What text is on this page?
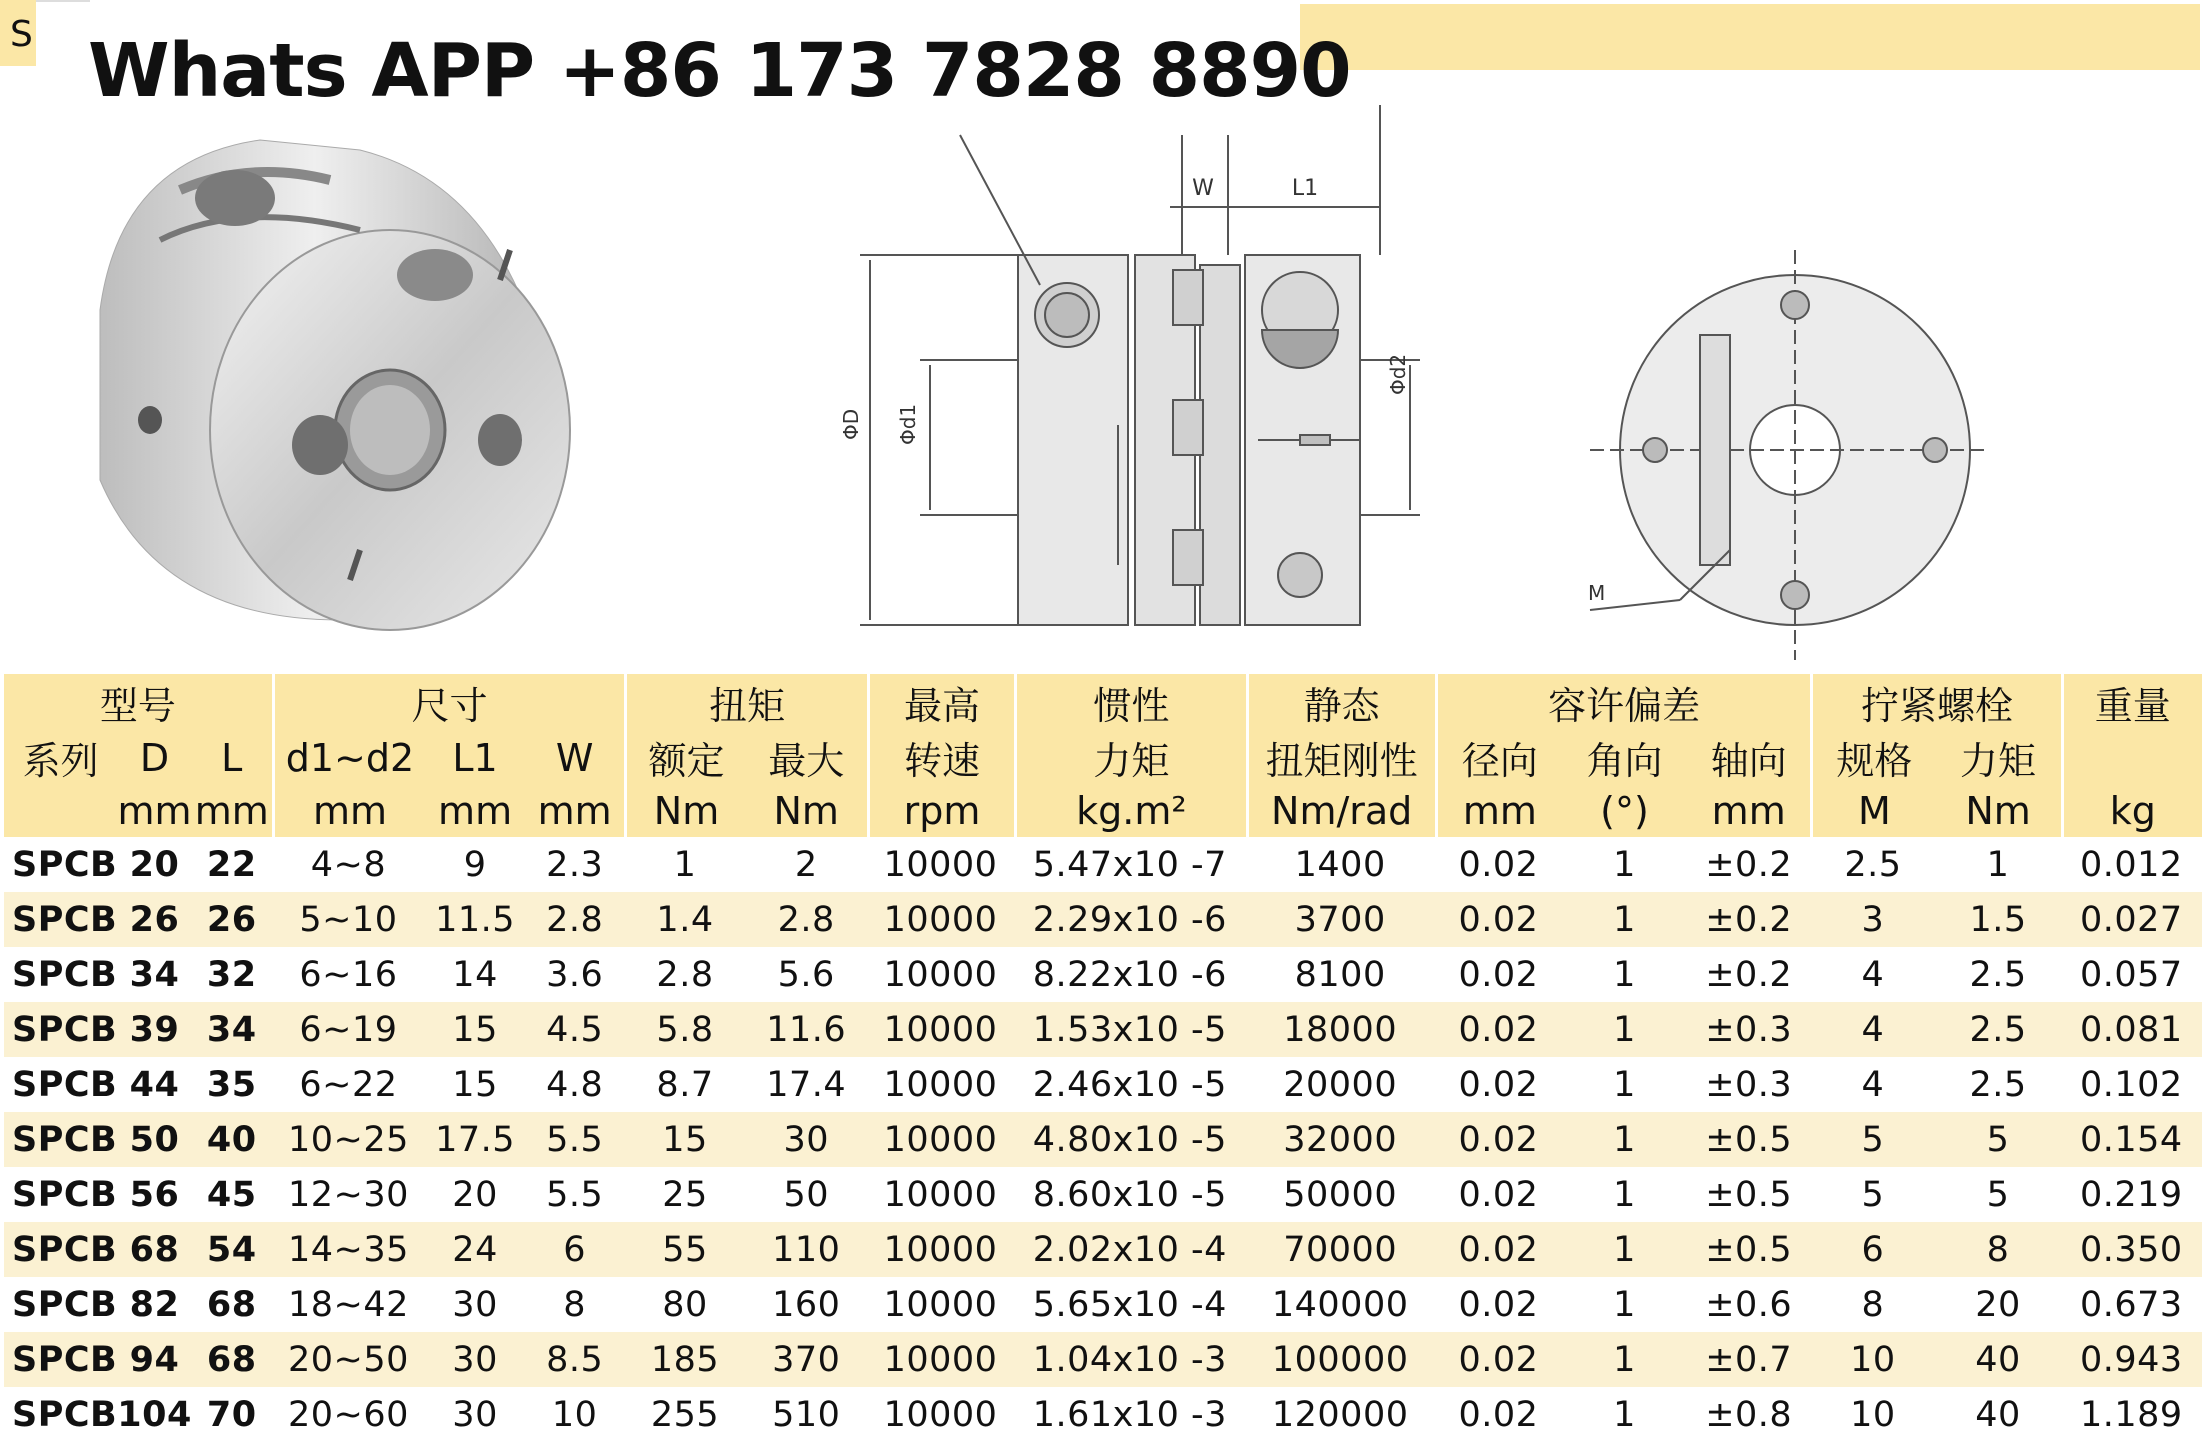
S Whats APP +86 173 7828 8890
W	L1
ΦD Φd1
Φd2
M
型号			尺寸			扭矩		最高	惯性	静态	容许偏差			拧紧螺栓		重量
系列	D	L	d1~d2	L1	W	额定	最大	转速	力矩	扭矩刚性	径向	角向	轴向	规格	力矩	
	mm	mm	mm	mm	mm	Nm	Nm	rpm	kg.m²	Nm/rad	mm	(°)	mm	M	Nm	kg
SPCB	20	22	4~8	9	2.3	1	2	10000	5.47x10 -7	1400	0.02	1	±0.2	2.5	1	0.012
SPCB	26	26	5~10	11.5	2.8	1.4	2.8	10000	2.29x10 -6	3700	0.02	1	±0.2	3	1.5	0.027
SPCB	34	32	6~16	14	3.6	2.8	5.6	10000	8.22x10 -6	8100	0.02	1	±0.2	4	2.5	0.057
SPCB	39	34	6~19	15	4.5	5.8	11.6	10000	1.53x10 -5	18000	0.02	1	±0.3	4	2.5	0.081
SPCB	44	35	6~22	15	4.8	8.7	17.4	10000	2.46x10 -5	20000	0.02	1	±0.3	4	2.5	0.102
SPCB	50	40	10~25	17.5	5.5	15	30	10000	4.80x10 -5	32000	0.02	1	±0.5	5	5	0.154
SPCB	56	45	12~30	20	5.5	25	50	10000	8.60x10 -5	50000	0.02	1	±0.5	5	5	0.219
SPCB	68	54	14~35	24	6	55	110	10000	2.02x10 -4	70000	0.02	1	±0.5	6	8	0.350
SPCB	82	68	18~42	30	8	80	160	10000	5.65x10 -4	140000	0.02	1	±0.6	8	20	0.673
SPCB	94	68	20~50	30	8.5	185	370	10000	1.04x10 -3	100000	0.02	1	±0.7	10	40	0.943
SPCB	104	70	20~60	30	10	255	510	10000	1.61x10 -3	120000	0.02	1	±0.8	10	40	1.189
